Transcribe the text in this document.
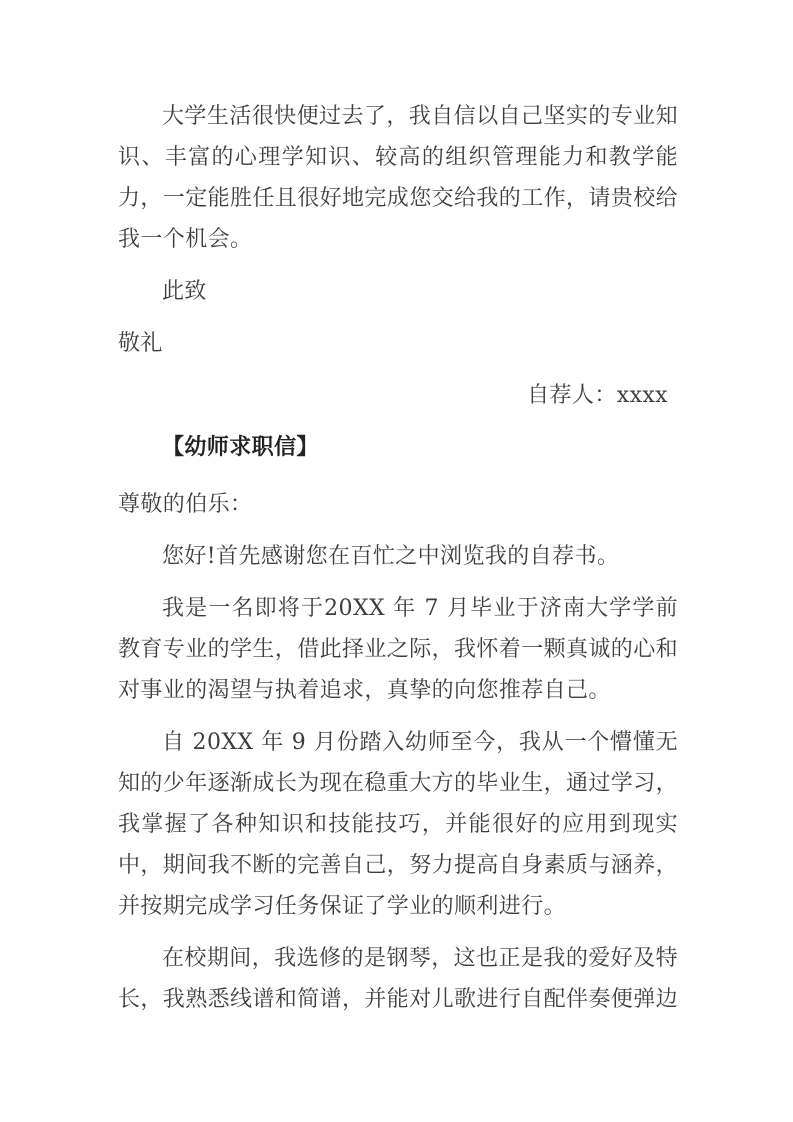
大学生活很快便过去了，我自信以自己坚实的专业知识、丰富的心理学知识、较高的组织管理能力和教学能力，一定能胜任且很好地完成您交给我的工作，请贵校给我一个机会。

此致

敬礼

自荐人：xxxx

【幼师求职信】

尊敬的伯乐：

您好!首先感谢您在百忙之中浏览我的自荐书。

我是一名即将于20XX 年 7 月毕业于济南大学学前教育专业的学生，借此择业之际，我怀着一颗真诚的心和对事业的渴望与执着追求，真挚的向您推荐自己。

自 20XX 年 9 月份踏入幼师至今，我从一个懵懂无知的少年逐渐成长为现在稳重大方的毕业生，通过学习，我掌握了各种知识和技能技巧，并能很好的应用到现实中，期间我不断的完善自己，努力提高自身素质与涵养，并按期完成学习任务保证了学业的顺利进行。

在校期间，我选修的是钢琴，这也正是我的爱好及特长，我熟悉线谱和简谱，并能对儿歌进行自配伴奏便弹边
